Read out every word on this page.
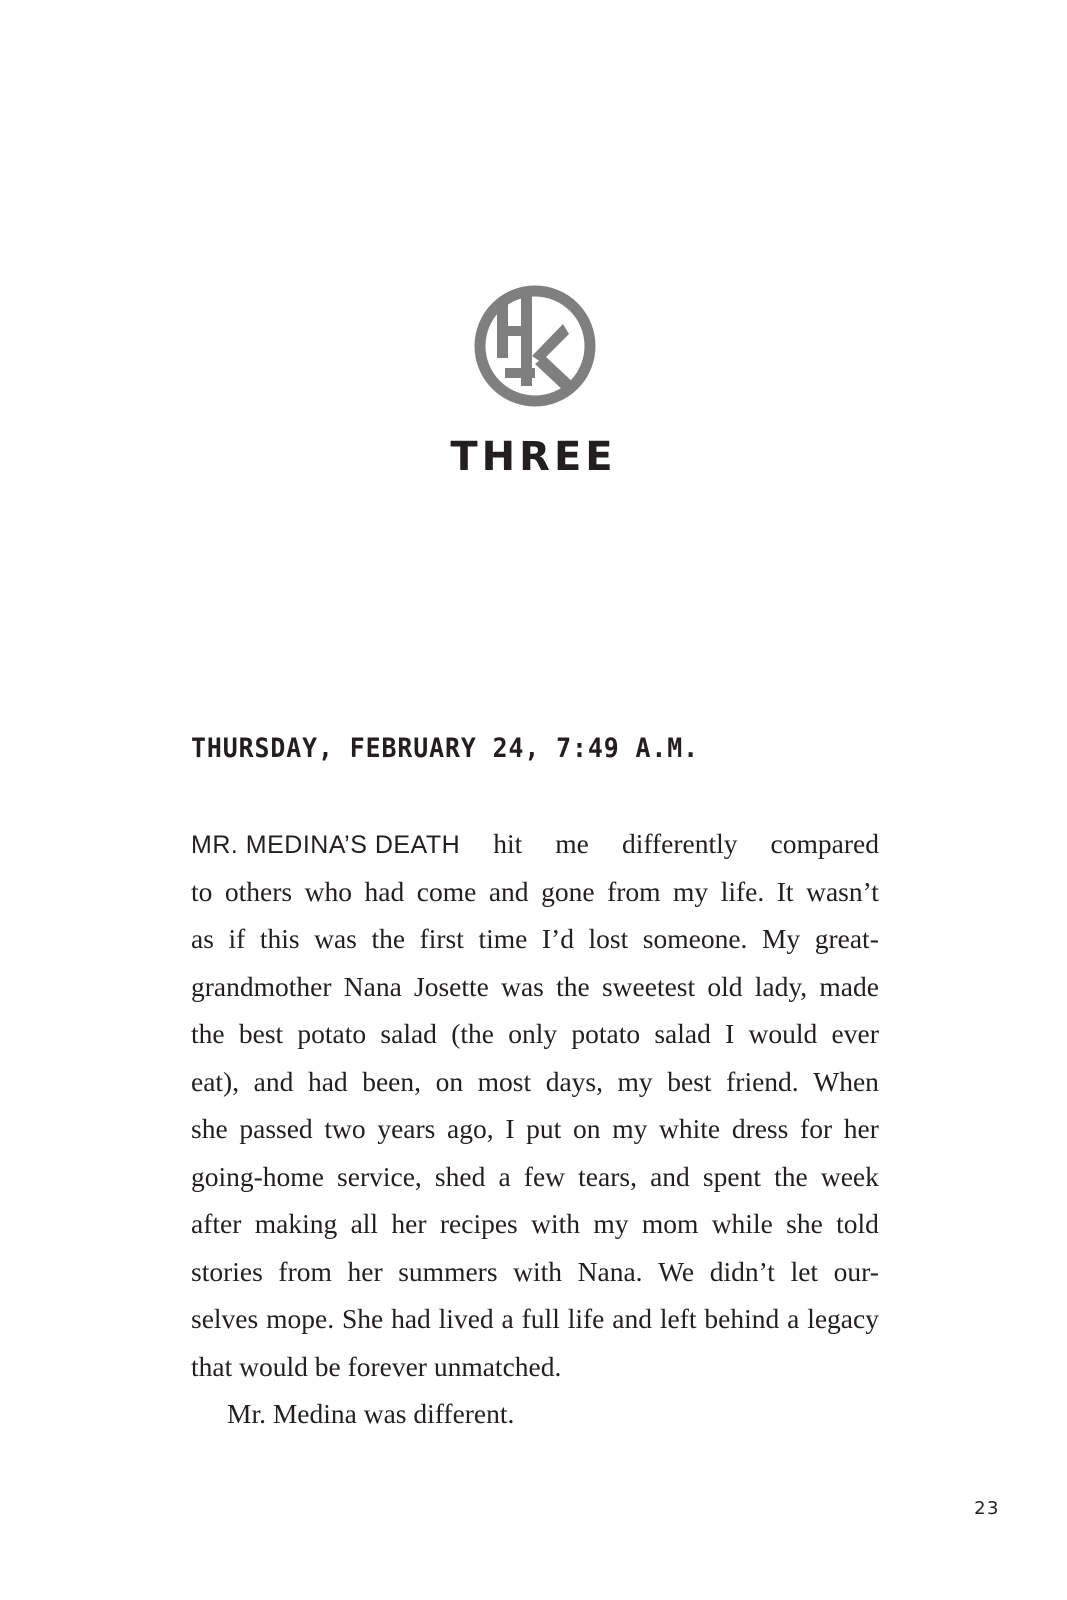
THREE
THURSDAY, FEBRUARY 24, 7:49 A.M.
MR. MEDINA’S DEATH hit me differently compared
to others who had come and gone from my life. It wasn’t
as if this was the first time I’d lost someone. My great-
grandmother Nana Josette was the sweetest old lady, made
the best potato salad (the only potato salad I would ever
eat), and had been, on most days, my best friend. When
she passed two years ago, I put on my white dress for her
going-home service, shed a few tears, and spent the week
after making all her recipes with my mom while she told
stories from her summers with Nana. We didn’t let our-
selves mope. She had lived a full life and left behind a legacy
that would be forever unmatched.
Mr. Medina was different.
23
